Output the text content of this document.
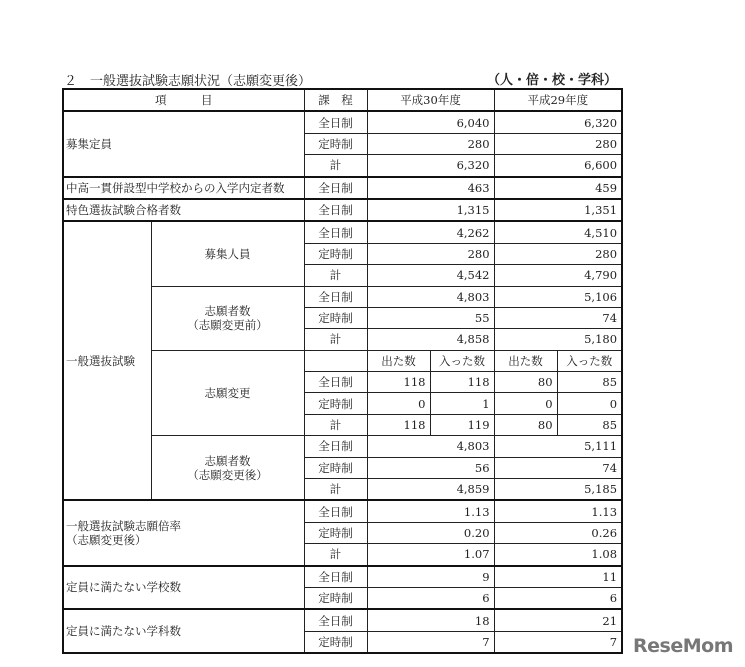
２　一般選抜試験志願状況（志願変更後）	（人・倍・校・学科）
項　　　目		課　程	平成30年度		平成29年度	
募集定員		全日制	6,040		6,320	
		定時制	280		280	
		計	6,320		6,600	
中高一貫併設型中学校からの入学内定者数		全日制	463		459	
特色選抜試験合格者数		全日制	1,315		1,351	
一般選抜試験	募集人員	全日制	4,262		4,510	
		定時制	280		280	
		計	4,542		4,790	
	志願者数
（志願変更前）	全日制	4,803		5,106	
		定時制	55		74	
		計	4,858		5,180	
	志願変更		出た数	入った数	出た数	入った数
		全日制	118	118	80	85
		定時制	0	1	0	0
		計	118	119	80	85
	志願者数
（志願変更後）	全日制	4,803		5,111	
		定時制	56		74	
		計	4,859		5,185	
一般選抜試験志願倍率
（志願変更後）		全日制	1.13		1.13	
		定時制	0.20		0.26	
		計	1.07		1.08	
定員に満たない学校数		全日制	9		11	
		定時制	6		6	
定員に満たない学科数		全日制	18		21	
		定時制	7		7	ReseMom
